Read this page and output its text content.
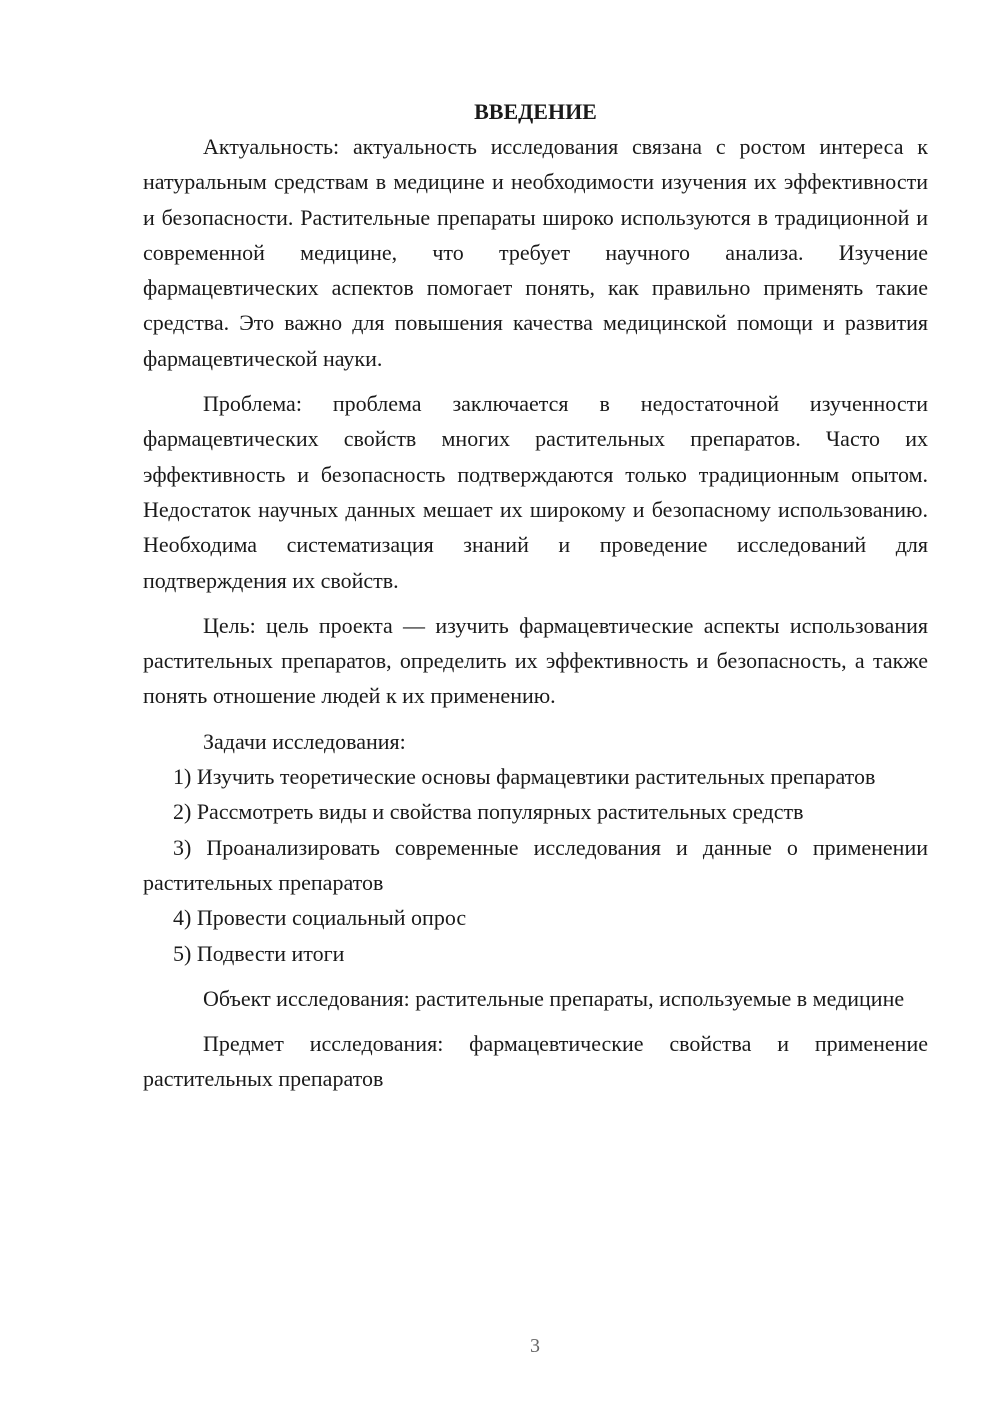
ВВЕДЕНИЕ

Актуальность: актуальность исследования связана с ростом интереса к натуральным средствам в медицине и необходимости изучения их эффективности и безопасности. Растительные препараты широко используются в традиционной и современной медицине, что требует научного анализа. Изучение фармацевтических аспектов помогает понять, как правильно применять такие средства. Это важно для повышения качества медицинской помощи и развития фармацевтической науки.

Проблема: проблема заключается в недостаточной изученности фармацевтических свойств многих растительных препаратов. Часто их эффективность и безопасность подтверждаются только традиционным опытом. Недостаток научных данных мешает их широкому и безопасному использованию. Необходима систематизация знаний и проведение исследований для подтверждения их свойств.

Цель: цель проекта — изучить фармацевтические аспекты использования растительных препаратов, определить их эффективность и безопасность, а также понять отношение людей к их применению.

Задачи исследования:

1) Изучить теоретические основы фармацевтики растительных препаратов

2) Рассмотреть виды и свойства популярных растительных средств

3) Проанализировать современные исследования и данные о применении растительных препаратов

4) Провести социальный опрос

5) Подвести итоги

Объект исследования: растительные препараты, используемые в медицине

Предмет исследования: фармацевтические свойства и применение растительных препаратов

3
